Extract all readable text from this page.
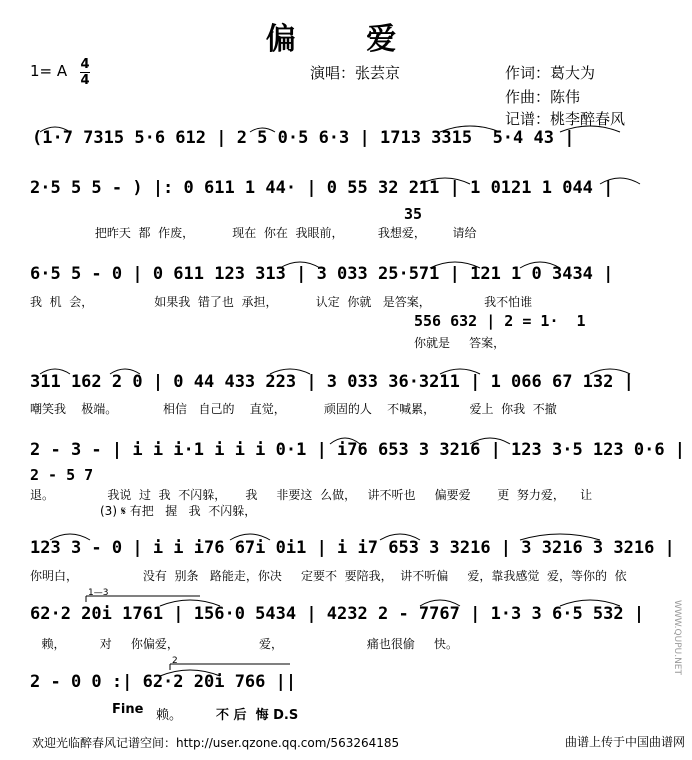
偏 爱
1= A 4
4	演唱：张芸京	作词：葛大为
作曲：陈伟
记谱：桃李醉春风
(1·7 7315 5·6 612 | 2 5 0·5 6·3 | 1713 3315  5·4 43 |
2·5 5 5 - ) |: 0 611 1 44· | 0 55 32 211 | 1 0121 1 044 |
6·5 5 - 0 | 0 611 123 313 | 3 033 25·571 | 121 1 0 3434 |
311 162 2 0 | 0 44 433 223 | 3 033 36·3211 | 1 066 67 132 |
2 - 3 - | i i i·1 i i i 0·1 | i76 653 3 3216 | 123 3·5 123 0·6 |
123 3 - 0 | i i i76 67i 0i1 | i i7 653 3 3216 | 3 3216 3 3216 |
62·2 20i 1761 | 156·0 5434 | 4232 2 - 7767 | 1·3 3 6·5 532 |
2 - 0 0 :| 62·2 20i 766 ||
把昨天  都  作废，          现在  你在  我眼前，         我想爱，       请给
我  机  会，                如果我  错了也  承担，          认定  你就   是答案，              我不怕谁
嘲笑我    极端。            相信   自己的    直觉，          顽固的人    不喊累，         爱上  你我  不撤
退。              我说  过  我  不闪躲，     我     非要这  么做，   讲不听也     偏要爱       更  努力爱，    让
你明白，                 没有  别条   路能走，你决     定要不  要陪我，  讲不听偏     爱，靠我感觉  爱，等你的  依
赖，         对     你偏爱，                     爱，                      痛也很偷     快。
35
556 632 | 2 = 1·  1
你就是     答案，
2 - 5 7
(3) 𝄋 有把   握   我  不闪躲，
1—3
2
Fine 赖。	不 后  悔 D.S
欢迎光临醉春风记谱空间：http://user.qzone.qq.com/563264185	曲谱上传于中国曲谱网
WWW.QUPU.NET
